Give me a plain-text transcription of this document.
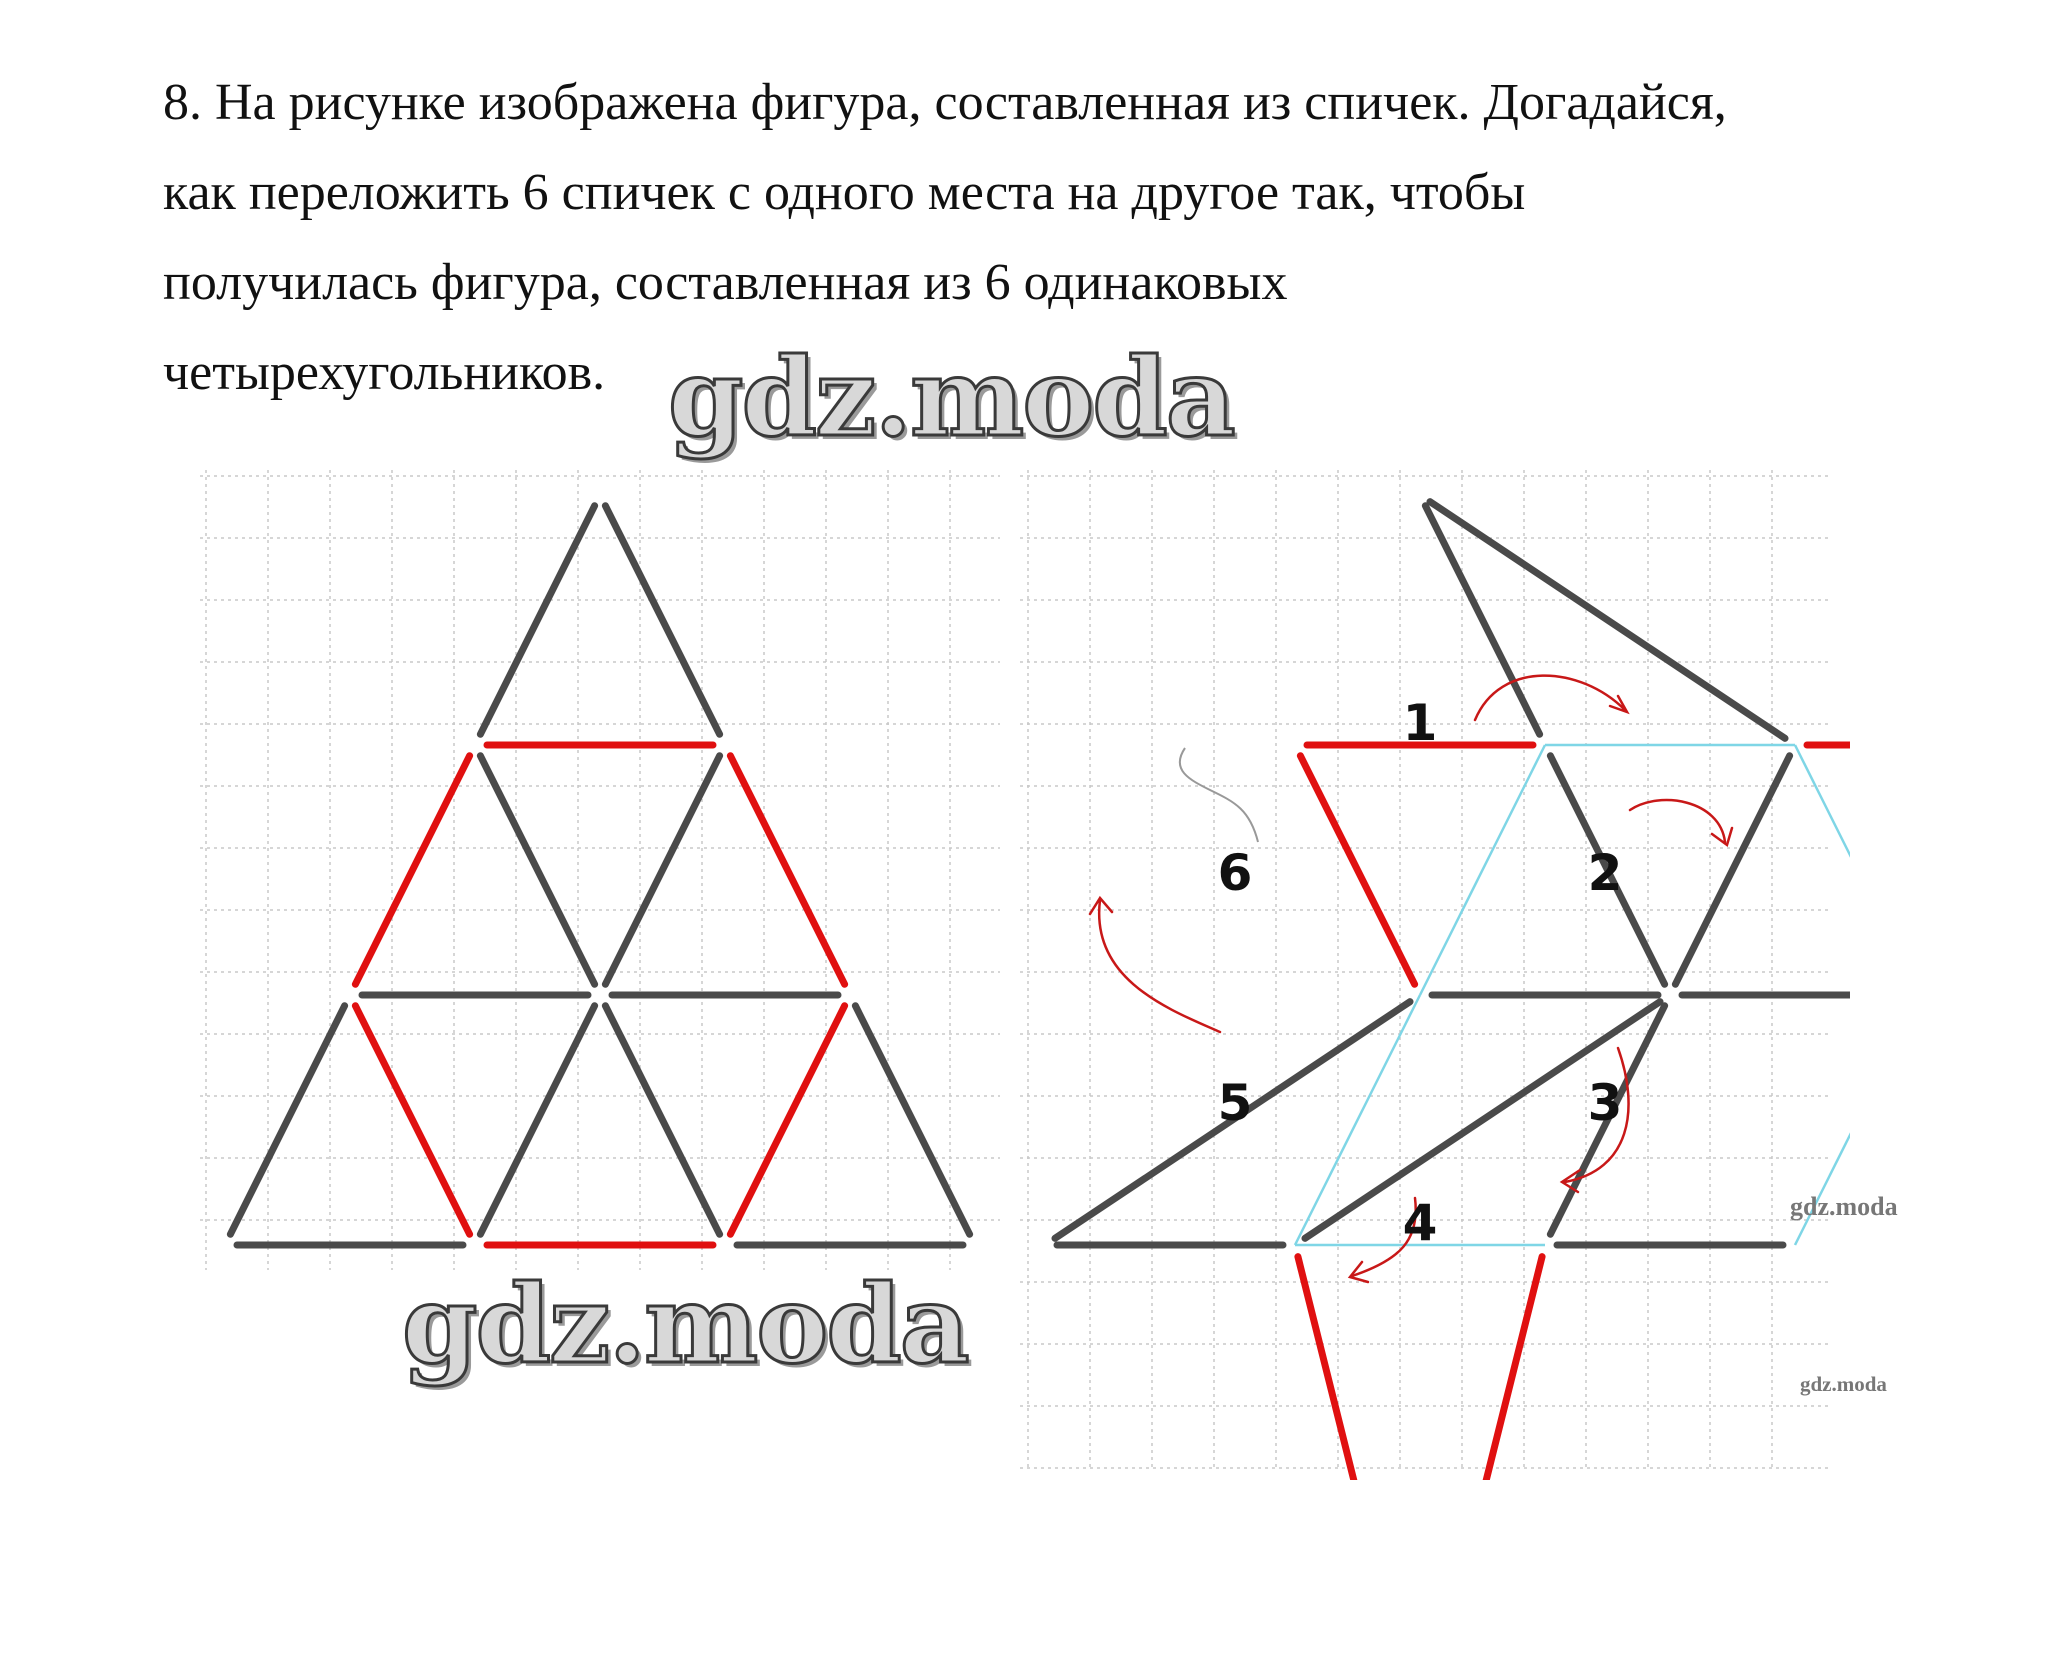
8. На рисунке изображена фигура, составленная из спичек. Догадайся,
как переложить 6 спичек с одного места на другое так, чтобы
получилась фигура, составленная из 6 одинаковых
четырехугольников.
1
2
3
4
5
6
gdz.moda
gdz.moda
gdz.moda
gdz.moda
